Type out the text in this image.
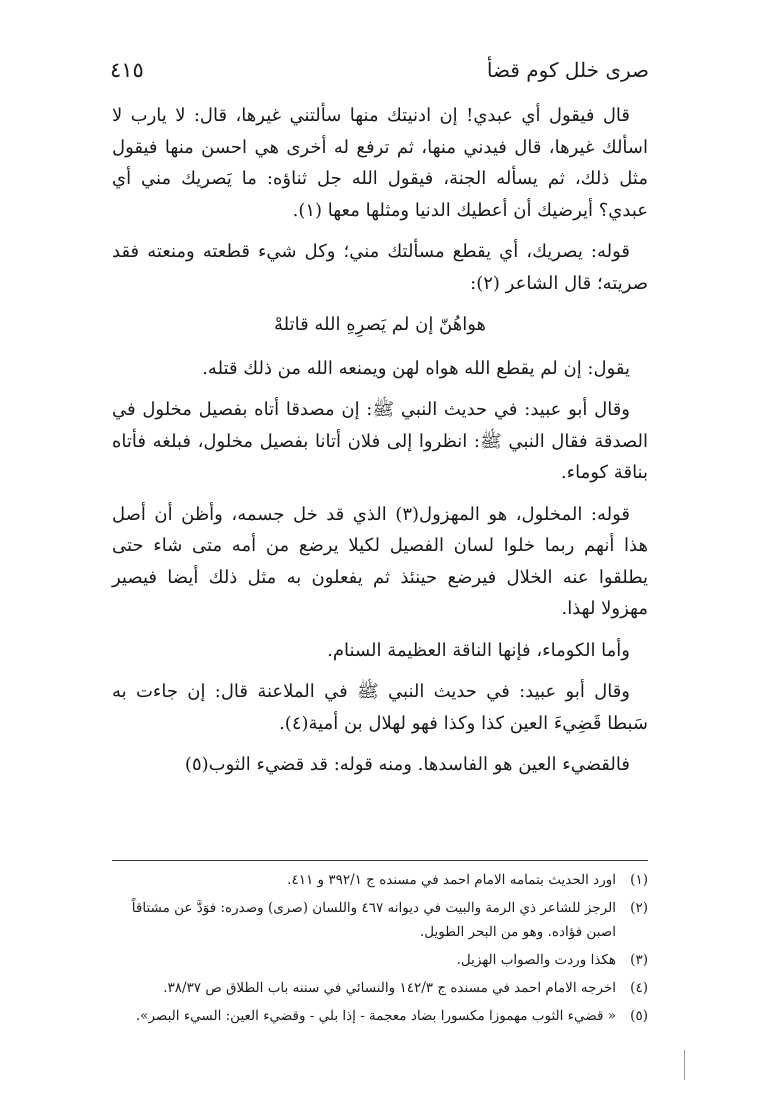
صرى خلل كوم قضأ
٤١٥

قال فيقول أي عبدي! إن ادنيتك منها سألتني غيرها، قال: لا يارب لا اسألك غيرها، قال فيدني منها، ثم ترفع له أخرى هي احسن منها فيقول مثل ذلك، ثم يسأله الجنة، فيقول الله جل ثناؤه: ما يَصريك مني أي عبدي؟ أيرضيك أن أعطيك الدنيا ومثلها معها (١).

قوله: يصريك، أي يقطع مسألتك مني؛ وكل شيء قطعته ومنعته فقد صريته؛ قال الشاعر (٢):

هواهُنّ إن لم يَصرِهِ الله قاتلهْ

يقول: إن لم يقطع الله هواه لهن ويمنعه الله من ذلك قتله.

وقال أبو عبيد: في حديث النبي ﷺ: إن مصدقا أتاه بفصيل مخلول في الصدقة فقال النبي ﷺ: انظروا إلى فلان أتانا بفصيل مخلول، فبلغه فأتاه بناقة كوماء.

قوله: المخلول، هو المهزول(٣) الذي قد خل جسمه، وأظن أن أصل هذا أنهم ربما خلوا لسان الفصيل لكيلا يرضع من أمه متى شاء حتى يطلقوا عنه الخلال فيرضع حينئذ ثم يفعلون به مثل ذلك أيضا فيصير مهزولا لهذا.

وأما الكوماء، فإنها الناقة العظيمة السنام.

وقال أبو عبيد: في حديث النبي ﷺ في الملاعنة قال: إن جاءت به سَبطا قَضِيءَ العين كذا وكذا فهو لهلال بن أمية(٤).

فالقضيء العين هو الفاسدها. ومنه قوله: قد قضيء الثوب(٥)

(١)
اورد الحديث بتمامه الامام احمد في مسنده ج ٣٩٢/١ و ٤١١.
(٢)
الرجز للشاعر ذي الرمة والبيت في ديوانه ٤٦٧ واللسان (صرى) وصدره: فوَدَّ عن مشتاقاً اصبن فؤاده. وهو من البحر الطويل.
(٣)
هكذا وردت والصواب الهزيل.
(٤)
اخرجه الامام احمد في مسنده ج ١٤٢/٣ والنسائي في سننه باب الطلاق ص ٣٨/٣٧.
(٥)
« قضيء الثوب مهموزا مكسورا بضاد معجمة - إذا بلي - وقضيء العين: السيء البصر».
